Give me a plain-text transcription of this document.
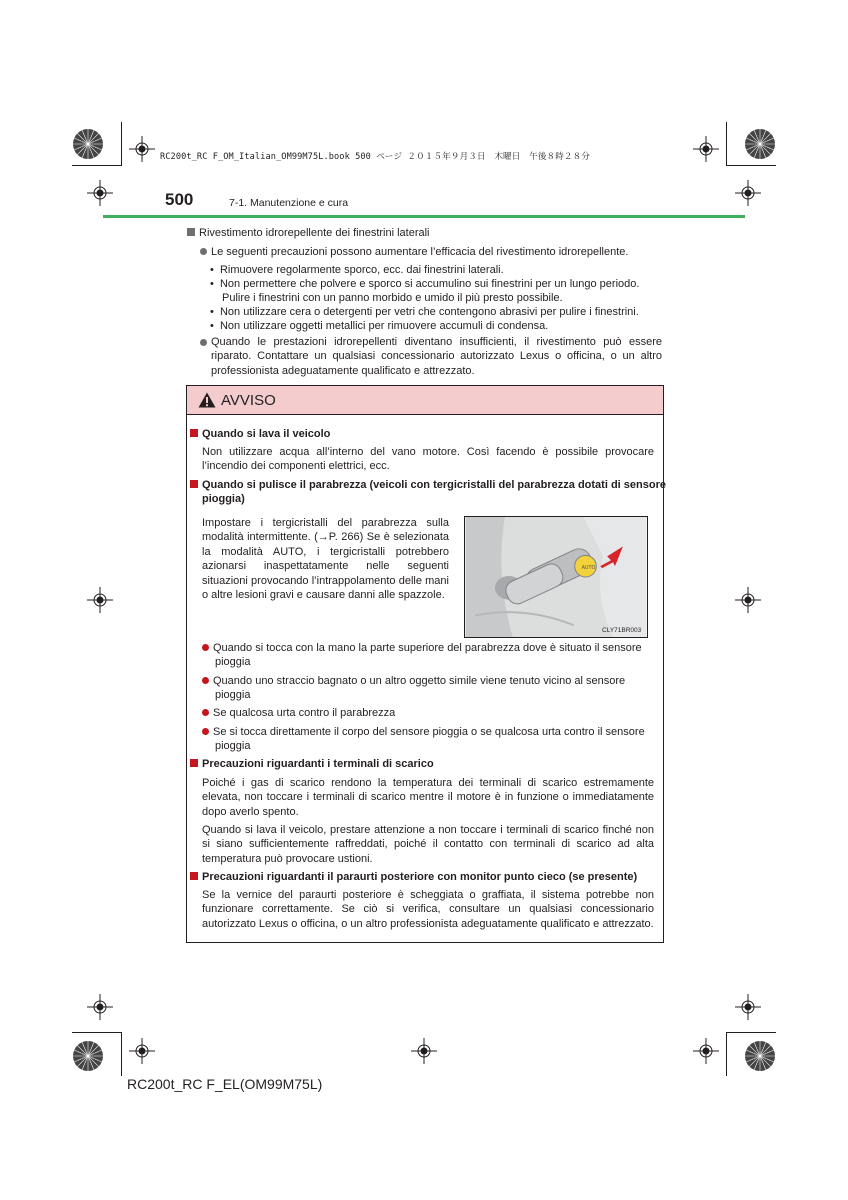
RC200t_RC F_OM_Italian_OM99M75L.book 500 ページ ２０１５年９月３日　木曜日　午後８時２８分
500	7-1. Manutenzione e cura
Rivestimento idrorepellente dei finestrini laterali
Le seguenti precauzioni possono aumentare l’efficacia del rivestimento idrorepellente.
•  Rimuovere regolarmente sporco, ecc. dai finestrini laterali.
•  Non permettere che polvere e sporco si accumulino sui finestrini per un lungo periodo.
Pulire i finestrini con un panno morbido e umido il più presto possibile.
•  Non utilizzare cera o detergenti per vetri che contengono abrasivi per pulire i finestrini.
•  Non utilizzare oggetti metallici per rimuovere accumuli di condensa.
Quando le prestazioni idrorepellenti diventano insufficienti, il rivestimento può essere riparato. Contattare un qualsiasi concessionario autorizzato Lexus o officina, o un altro professionista adeguatamente qualificato e attrezzato.
AVVISO
Quando si lava il veicolo
Non utilizzare acqua all’interno del vano motore. Così facendo è possibile provocare l’incendio dei componenti elettrici, ecc.
Quando si pulisce il parabrezza (veicoli con tergicristalli del parabrezza dotati di sensore
pioggia)
Impostare i tergicristalli del parabrezza sulla modalità intermittente. (→P. 266) Se è selezionata la modalità AUTO, i tergicristalli potrebbero azionarsi inaspettatamente nelle seguenti situazioni provocando l’intrappolamento delle mani o altre lesioni gravi e causare danni alle spazzole.
AUTO
CLY71BR003
Quando si tocca con la mano la parte superiore del parabrezza dove è situato il sensore
pioggia
Quando uno straccio bagnato o un altro oggetto simile viene tenuto vicino al sensore
pioggia
Se qualcosa urta contro il parabrezza
Se si tocca direttamente il corpo del sensore pioggia o se qualcosa urta contro il sensore
pioggia
Precauzioni riguardanti i terminali di scarico
Poiché i gas di scarico rendono la temperatura dei terminali di scarico estremamente elevata, non toccare i terminali di scarico mentre il motore è in funzione o immediatamente dopo averlo spento.
Quando si lava il veicolo, prestare attenzione a non toccare i terminali di scarico finché non si siano sufficientemente raffreddati, poiché il contatto con terminali di scarico ad alta temperatura può provocare ustioni.
Precauzioni riguardanti il paraurti posteriore con monitor punto cieco (se presente)
Se la vernice del paraurti posteriore è scheggiata o graffiata, il sistema potrebbe non funzionare correttamente. Se ciò si verifica, consultare un qualsiasi concessionario autorizzato Lexus o officina, o un altro professionista adeguatamente qualificato e attrezzato.
RC200t_RC F_EL(OM99M75L)
